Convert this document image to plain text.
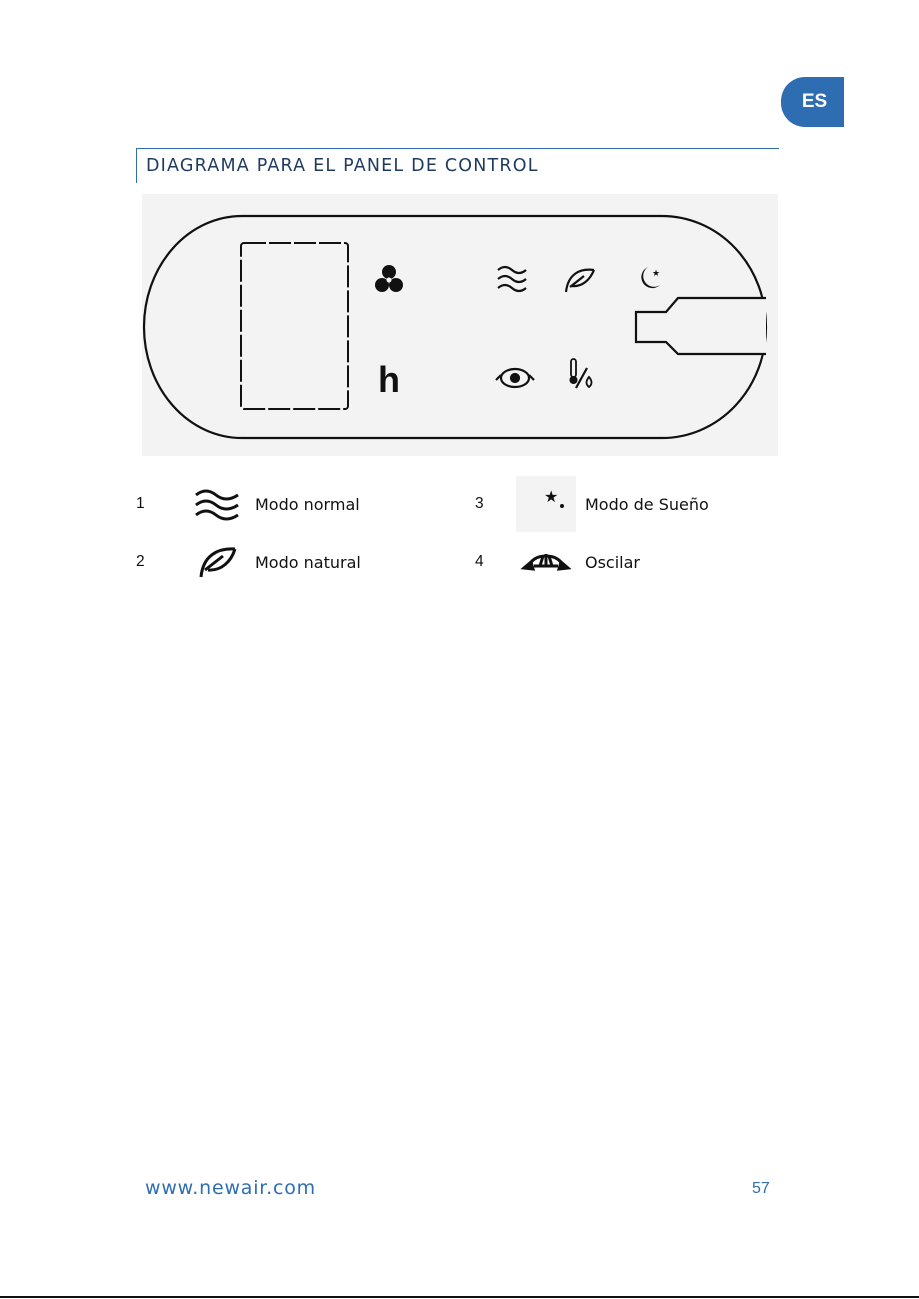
ES
DIAGRAMA PARA EL PANEL DE CONTROL
★
h
1	Modo normal
2	Modo natural
3	★ Modo de Sueño
4	Oscilar
www.newair.com	57
